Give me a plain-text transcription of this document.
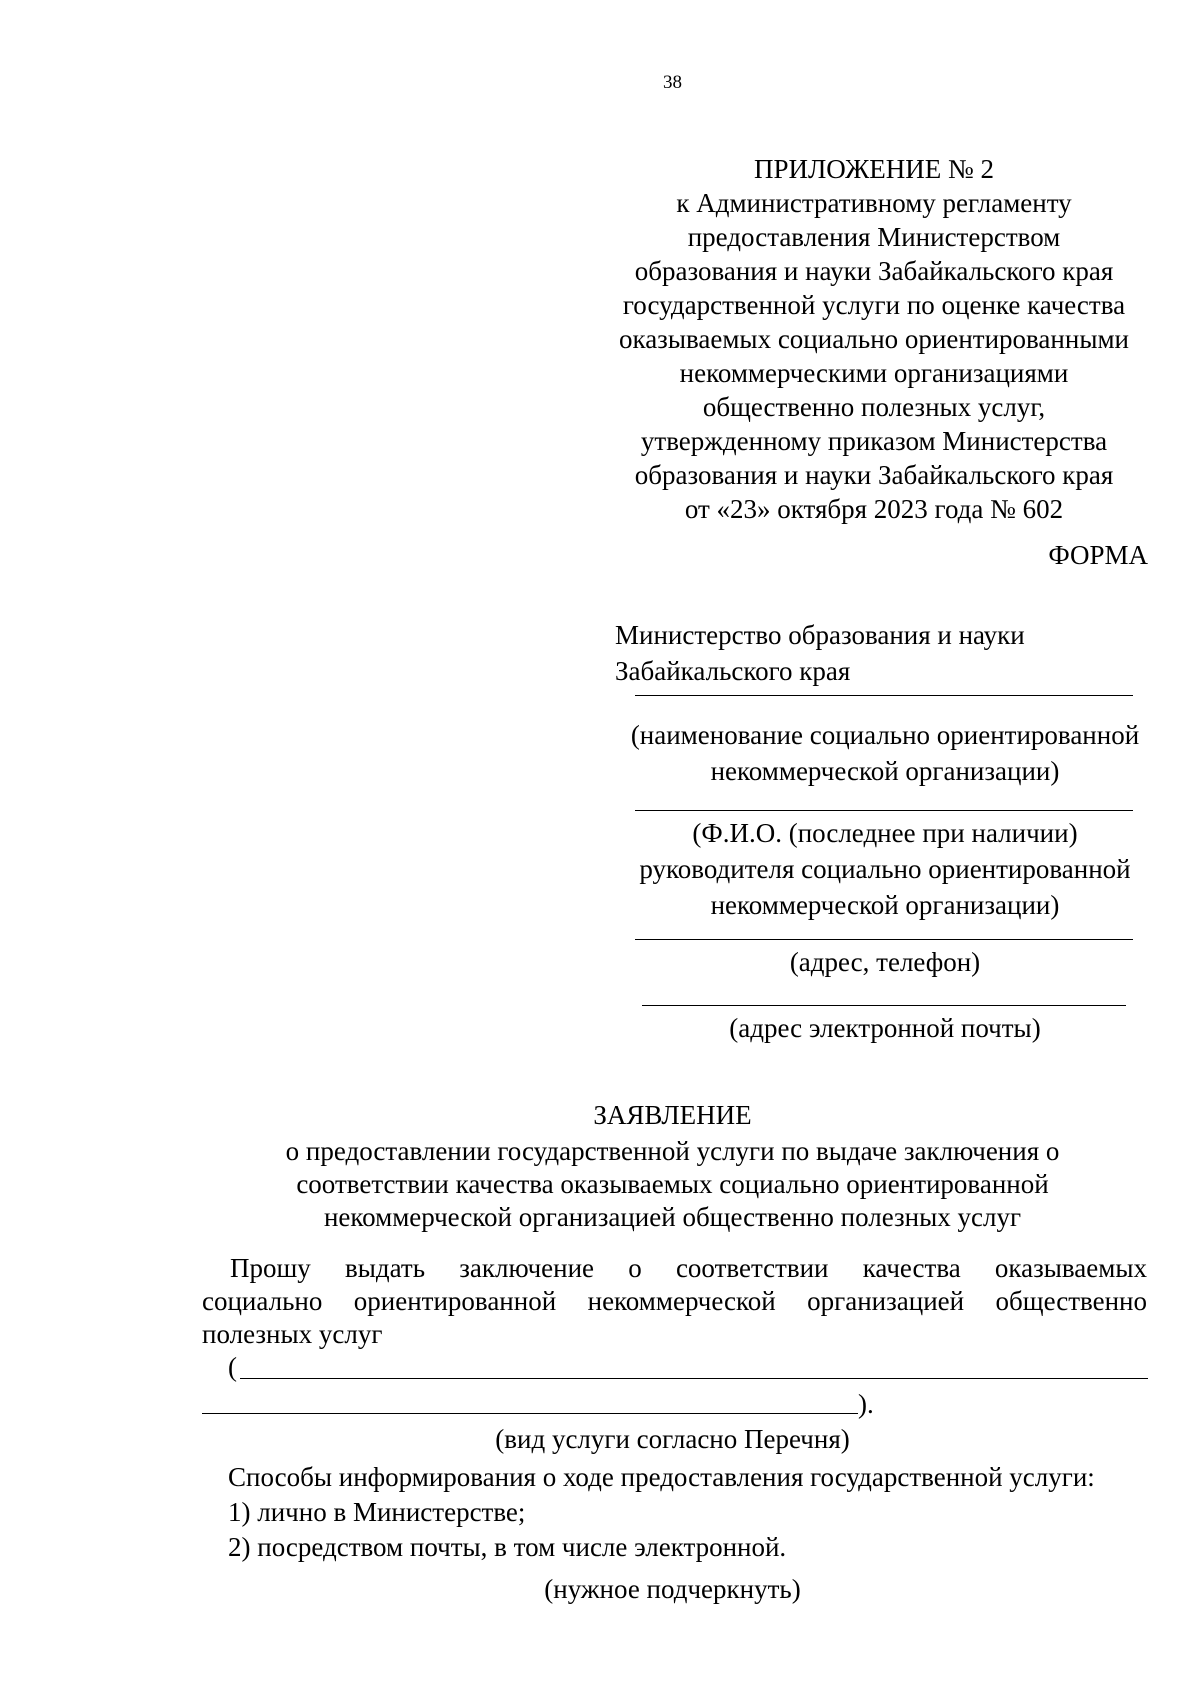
38
ПРИЛОЖЕНИЕ № 2
к Административному регламенту
предоставления Министерством
образования и науки Забайкальского края
государственной услуги по оценке качества
оказываемых социально ориентированными
некоммерческими организациями
общественно полезных услуг,
утвержденному приказом Министерства
образования и науки Забайкальского края
от «23» октября 2023 года № 602
ФОРМА
Министерство образования и науки
Забайкальского края
(наименование социально ориентированной
некоммерческой организации)
(Ф.И.О. (последнее при наличии)
руководителя социально ориентированной
некоммерческой организации)
(адрес, телефон)
(адрес электронной почты)
ЗАЯВЛЕНИЕ
о предоставлении государственной услуги по выдаче заключения о
соответствии качества оказываемых социально ориентированной
некоммерческой организацией общественно полезных услуг
Прошу выдать заключение о соответствии качества оказываемых
социально ориентированной некоммерческой организацией общественно
полезных услуг
(
).
(вид услуги согласно Перечня)
Способы информирования о ходе предоставления государственной услуги:
1) лично в Министерстве;
2) посредством почты, в том числе электронной.
(нужное подчеркнуть)
